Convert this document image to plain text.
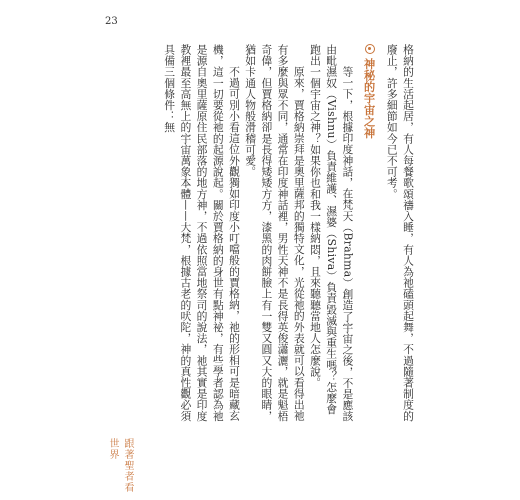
23

格納的生活起居，有人每餐歌頌禱入睡，有人為祂磕頭起舞，不過隨著制度的廢止，許多細節如今已不可考。

神秘的宇宙之神

等一下，根據印度神話，在梵天（Brahma）創造了宇宙之後，不是應該由毗濕奴（Vishnu）負責維護、濕婆（Shiva）負責毀滅與重生嗎？怎麼會跑出一個宇宙之神？如果你也和我一樣納悶，且來聽聽當地人怎麼說。

原來，賈格納崇拜是奧里薩邦的獨特文化，光從祂的外表就可以看得出祂有多麼與眾不同，通常在印度神話裡，男性天神不是長得英俊瀟灑，就是魁梧奇偉，但賈格納卻是長得矮矮方方，漆黑的肉餅臉上有一雙又圓又大的眼睛，猶如卡通人物般滑稽可愛。

不過可別小看這位外觀獨如印度小叮噹般的賈格納，祂的形相可是暗藏玄機，這一切要從祂的起源說起。關於賈格納的身世有點神祕，有些學者認為祂是源自奧里薩原住民部落的地方神，不過依照當地祭司的說法，祂其實是印度教裡最至高無上的宇宙萬象本體——大梵，根據古老的吠陀，神的真性觀必須具備三個條件：無

跟著聖者看世界
